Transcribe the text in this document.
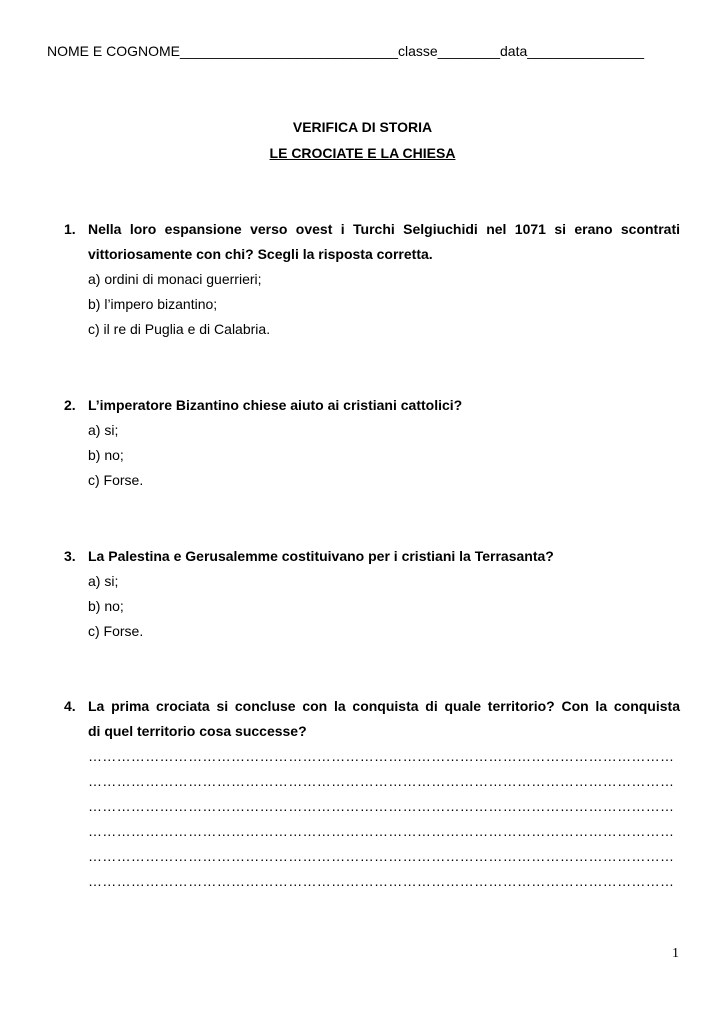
NOME E COGNOME____________________________classe________data_______________
VERIFICA DI STORIA
LE CROCIATE E LA CHIESA
1. Nella loro espansione verso ovest i Turchi Selgiuchidi nel 1071 si erano scontrati
vittoriosamente con chi? Scegli la risposta corretta.
a) ordini di monaci guerrieri;
b) l’impero bizantino;
c) il re di Puglia e di Calabria.
2. L’imperatore Bizantino chiese aiuto ai cristiani cattolici?
a) si;
b) no;
c) Forse.
3. La Palestina e Gerusalemme costituivano per i cristiani la Terrasanta?
a) si;
b) no;
c) Forse.
4. La prima crociata si concluse con la conquista di quale territorio? Con la conquista
di quel territorio cosa successe?
……………………………………………………………………………………………………………
……………………………………………………………………………………………………………
……………………………………………………………………………………………………………
……………………………………………………………………………………………………………
……………………………………………………………………………………………………………
……………………………………………………………………………………………………………
1
